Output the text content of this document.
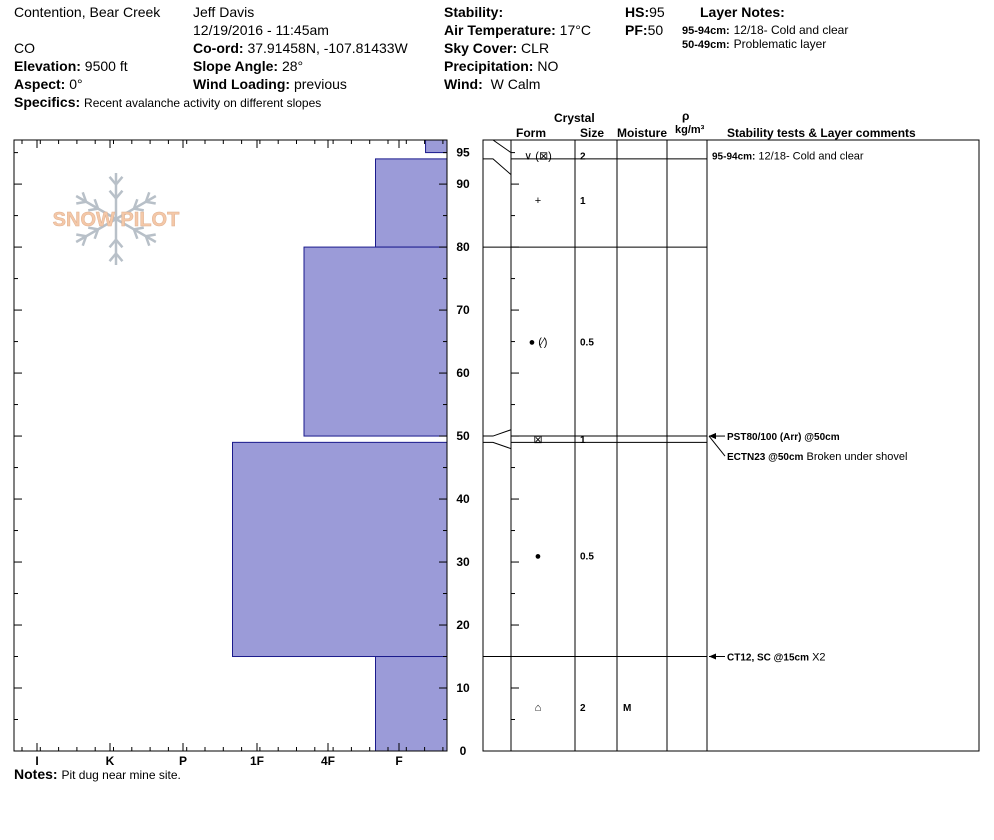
Contention, Bear Creek
CO
Elevation: 9500 ft
Aspect: 0°
Specifics: Recent avalanche activity on different slopes
Jeff Davis
12/19/2016 - 11:45am
Co-ord: 37.91458N, -107.81433W
Slope Angle: 28°
Wind Loading: previous
Stability:
Air Temperature: 17°C
Sky Cover: CLR
Precipitation: NO
Wind: W Calm
HS:95
PF:50
Layer Notes:
95-94cm: 12/18- Cold and clear
50-49cm: Problematic layer
Crystal
Form	Size Moisture
ρ
kg/m³ Stability tests & Layer comments
Notes: Pit dug near mine site.
SNOW PILOT
I	K	P	1F	4F	F
0
10
20
30
40
50
60
70
80
90
95	∨ (⊠)	2
+	1
● (⁄)	0.5
⊠	1
●	0.5
⌂	2	M
95-94cm: 12/18- Cold and clear
PST80/100 (Arr) @50cm
ECTN23 @50cm Broken under shovel
CT12, SC @15cm X2
